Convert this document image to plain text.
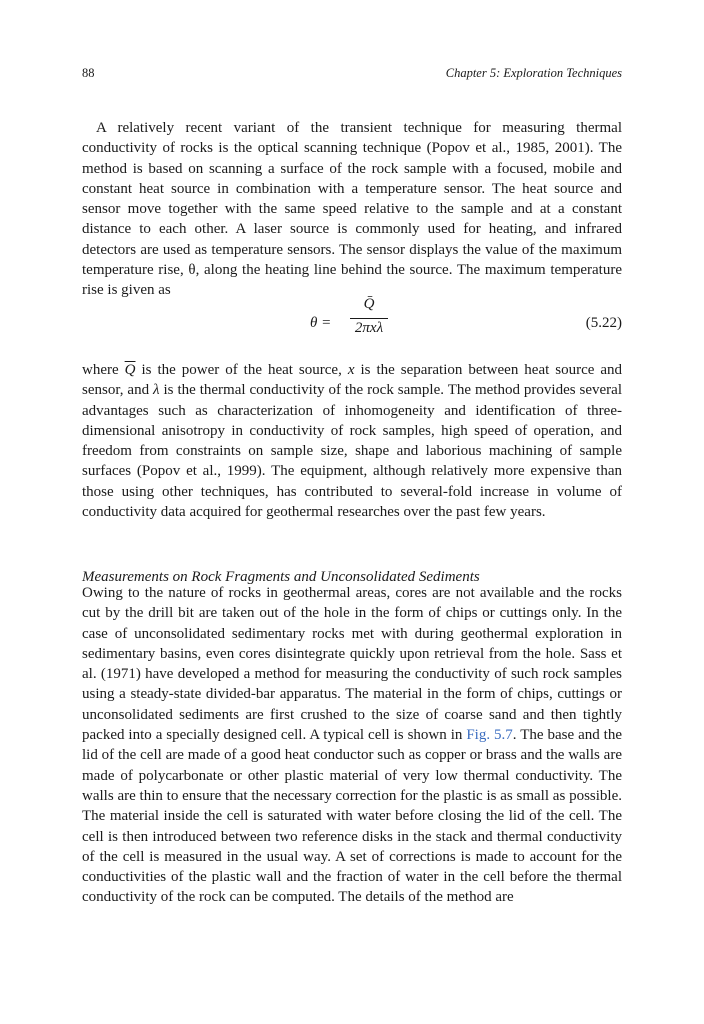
88	Chapter 5: Exploration Techniques

A relatively recent variant of the transient technique for measuring thermal conductivity of rocks is the optical scanning technique (Popov et al., 1985, 2001). The method is based on scanning a surface of the rock sample with a focused, mobile and constant heat source in combination with a temperature sensor. The heat source and sensor move together with the same speed relative to the sample and at a constant distance to each other. A laser source is commonly used for heating, and infrared detectors are used as temperature sensors. The sensor displays the value of the maximum temperature rise, θ, along the heating line behind the source. The maximum temperature rise is given as

θ =
Q̄
2πxλ	(5.22)

where $\overline{Q}$ is the power of the heat source, x is the separation between heat source and sensor, and λ is the thermal conductivity of the rock sample. The method provides several advantages such as characterization of inhomogeneity and identification of three-dimensional anisotropy in conductivity of rock samples, high speed of operation, and freedom from constraints on sample size, shape and laborious machining of sample surfaces (Popov et al., 1999). The equipment, although relatively more expensive than those using other techniques, has contributed to several-fold increase in volume of conductivity data acquired for geothermal researches over the past few years.

Measurements on Rock Fragments and Unconsolidated Sediments

Owing to the nature of rocks in geothermal areas, cores are not available and the rocks cut by the drill bit are taken out of the hole in the form of chips or cuttings only. In the case of unconsolidated sedimentary rocks met with during geothermal exploration in sedimentary basins, even cores disintegrate quickly upon retrieval from the hole. Sass et al. (1971) have developed a method for measuring the conductivity of such rock samples using a steady-state divided-bar apparatus. The material in the form of chips, cuttings or unconsolidated sediments are first crushed to the size of coarse sand and then tightly packed into a specially designed cell. A typical cell is shown in Fig. 5.7. The base and the lid of the cell are made of a good heat conductor such as copper or brass and the walls are made of polycarbonate or other plastic material of very low thermal conductivity. The walls are thin to ensure that the necessary correction for the plastic is as small as possible. The material inside the cell is saturated with water before closing the lid of the cell. The cell is then introduced between two reference disks in the stack and thermal conductivity of the cell is measured in the usual way. A set of corrections is made to account for the conductivities of the plastic wall and the fraction of water in the cell before the thermal conductivity of the rock can be computed. The details of the method are
